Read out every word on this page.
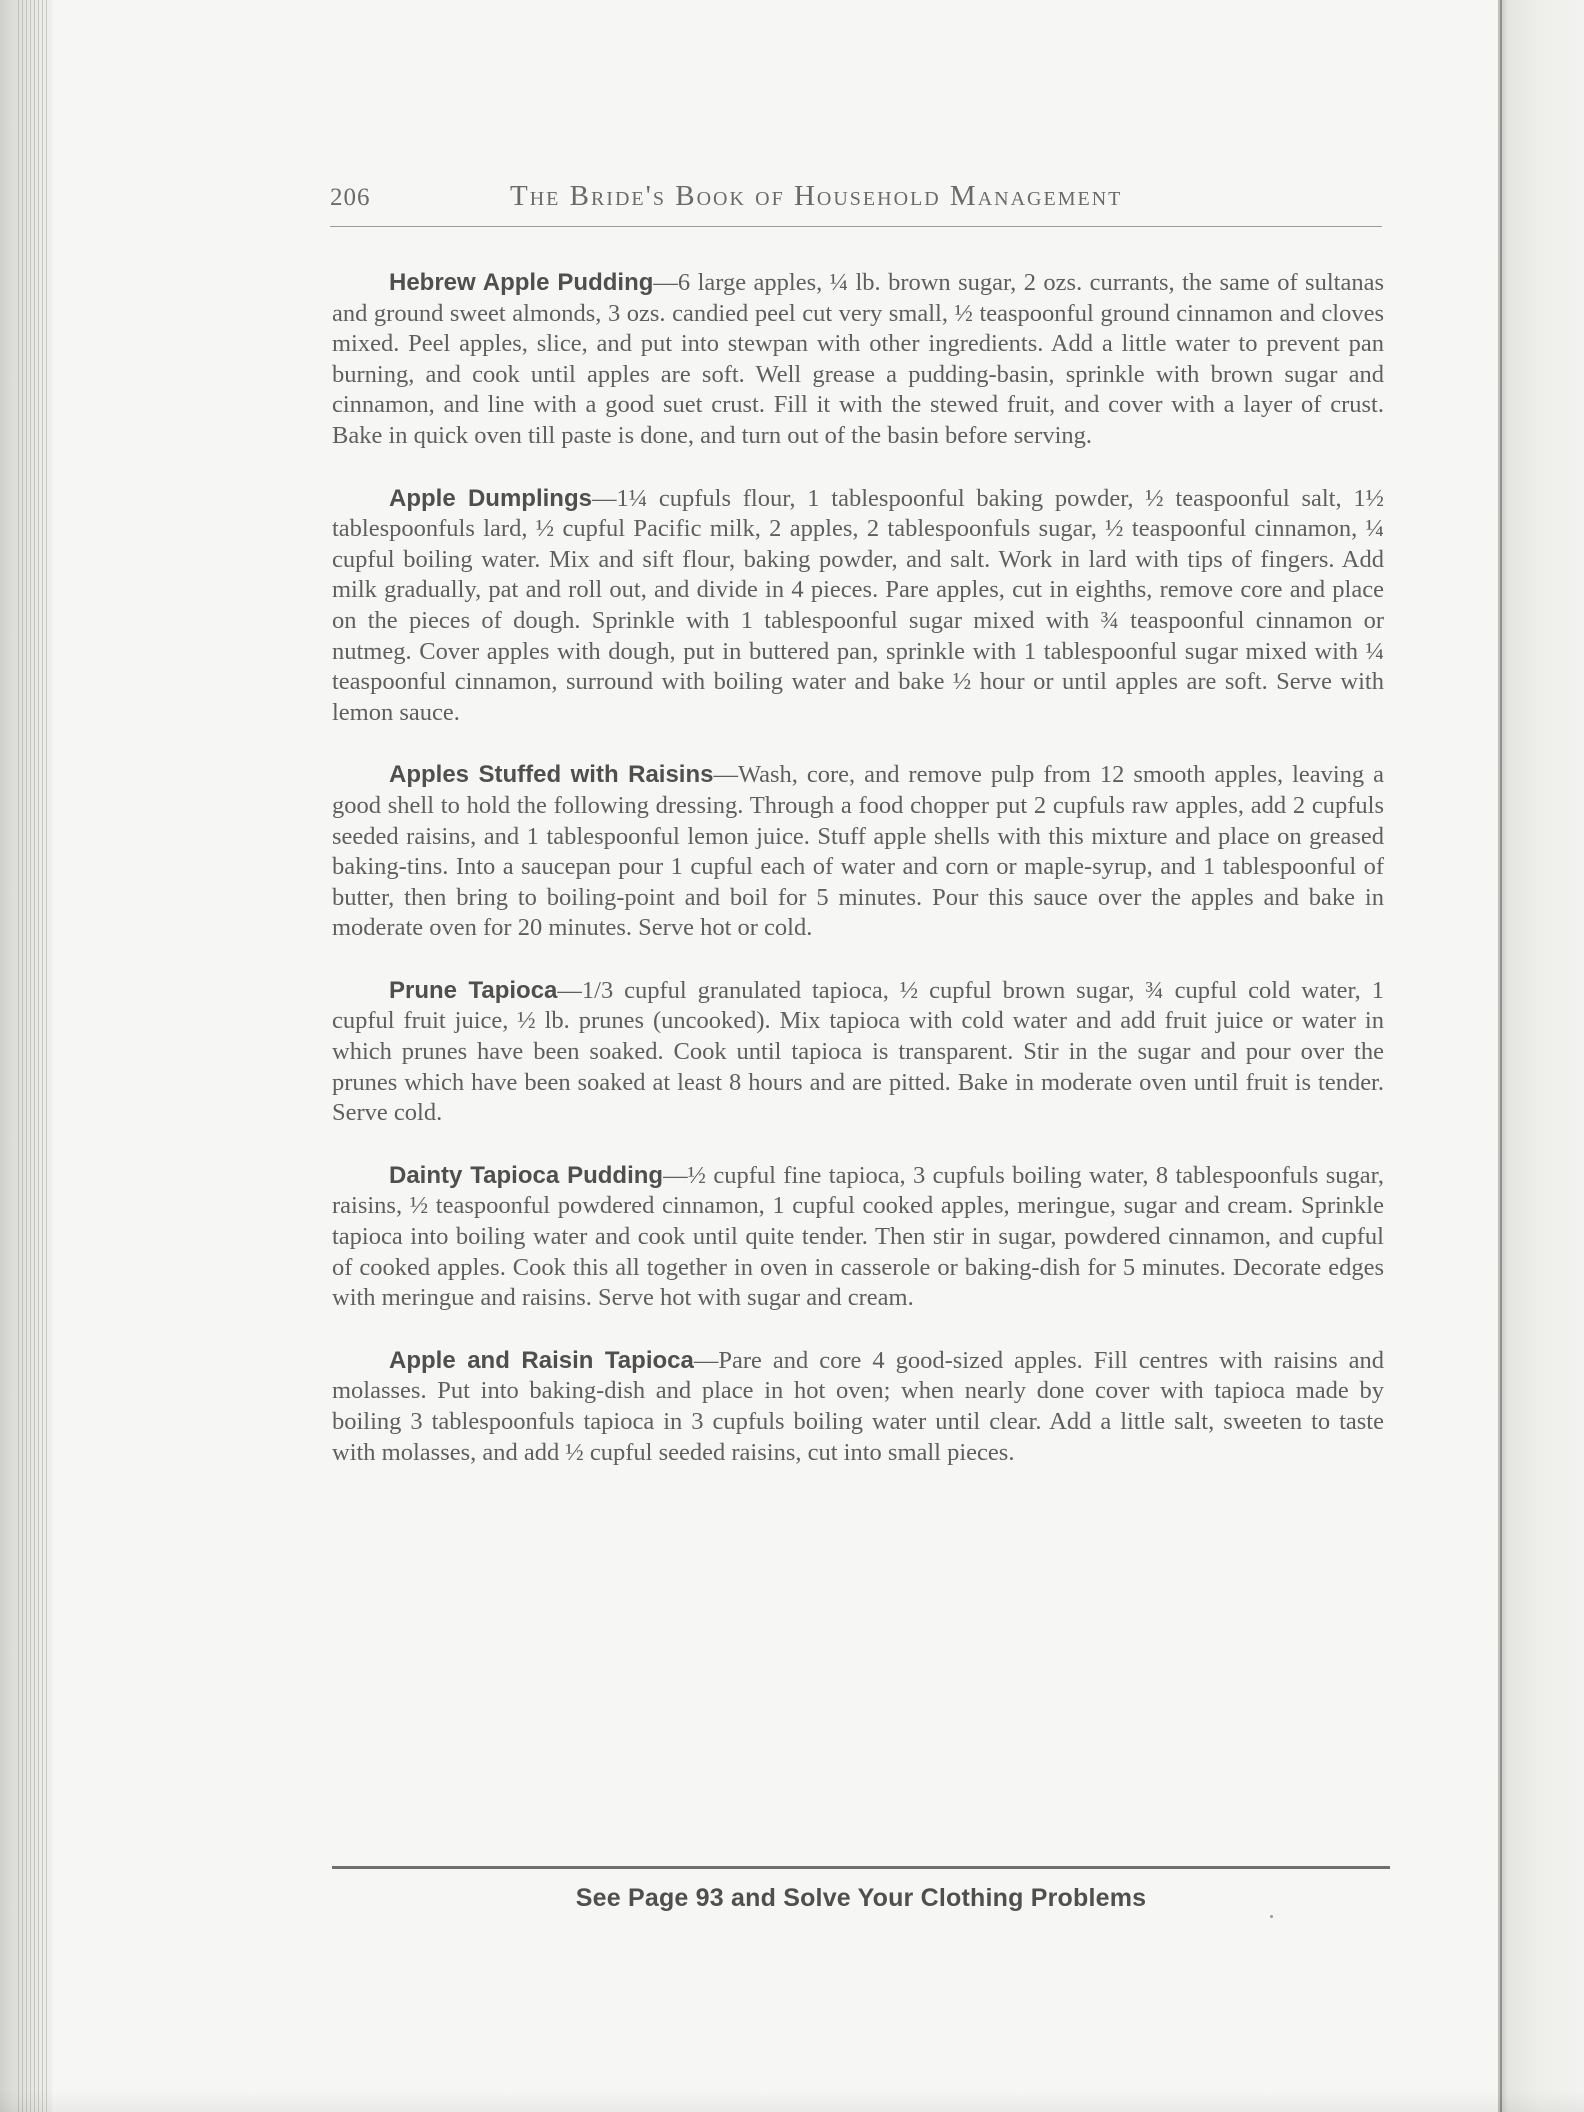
206	The Bride's Book of Household Management

Hebrew Apple Pudding—6 large apples, ¼ lb. brown sugar, 2 ozs. currants, the same of sultanas and ground sweet almonds, 3 ozs. candied peel cut very small, ½ teaspoonful ground cinnamon and cloves mixed. Peel apples, slice, and put into stewpan with other ingredients. Add a little water to prevent pan burning, and cook until apples are soft. Well grease a pudding-basin, sprinkle with brown sugar and cinnamon, and line with a good suet crust. Fill it with the stewed fruit, and cover with a layer of crust. Bake in quick oven till paste is done, and turn out of the basin before serving.

Apple Dumplings—1¼ cupfuls flour, 1 tablespoonful baking powder, ½ teaspoonful salt, 1½ tablespoonfuls lard, ½ cupful Pacific milk, 2 apples, 2 tablespoonfuls sugar, ½ teaspoonful cinnamon, ¼ cupful boiling water. Mix and sift flour, baking powder, and salt. Work in lard with tips of fingers. Add milk gradually, pat and roll out, and divide in 4 pieces. Pare apples, cut in eighths, remove core and place on the pieces of dough. Sprinkle with 1 tablespoonful sugar mixed with ¾ teaspoonful cinnamon or nutmeg. Cover apples with dough, put in buttered pan, sprinkle with 1 tablespoonful sugar mixed with ¼ teaspoonful cinnamon, surround with boiling water and bake ½ hour or until apples are soft. Serve with lemon sauce.

Apples Stuffed with Raisins—Wash, core, and remove pulp from 12 smooth apples, leaving a good shell to hold the following dressing. Through a food chopper put 2 cupfuls raw apples, add 2 cupfuls seeded raisins, and 1 tablespoonful lemon juice. Stuff apple shells with this mixture and place on greased baking-tins. Into a saucepan pour 1 cupful each of water and corn or maple-syrup, and 1 tablespoonful of butter, then bring to boiling-point and boil for 5 minutes. Pour this sauce over the apples and bake in moderate oven for 20 minutes. Serve hot or cold.

Prune Tapioca—1/3 cupful granulated tapioca, ½ cupful brown sugar, ¾ cupful cold water, 1 cupful fruit juice, ½ lb. prunes (uncooked). Mix tapioca with cold water and add fruit juice or water in which prunes have been soaked. Cook until tapioca is transparent. Stir in the sugar and pour over the prunes which have been soaked at least 8 hours and are pitted. Bake in moderate oven until fruit is tender. Serve cold.

Dainty Tapioca Pudding—½ cupful fine tapioca, 3 cupfuls boiling water, 8 tablespoonfuls sugar, raisins, ½ teaspoonful powdered cinnamon, 1 cupful cooked apples, meringue, sugar and cream. Sprinkle tapioca into boiling water and cook until quite tender. Then stir in sugar, powdered cinnamon, and cupful of cooked apples. Cook this all together in oven in casserole or baking-dish for 5 minutes. Decorate edges with meringue and raisins. Serve hot with sugar and cream.

Apple and Raisin Tapioca—Pare and core 4 good-sized apples. Fill centres with raisins and molasses. Put into baking-dish and place in hot oven; when nearly done cover with tapioca made by boiling 3 tablespoonfuls tapioca in 3 cupfuls boiling water until clear. Add a little salt, sweeten to taste with molasses, and add ½ cupful seeded raisins, cut into small pieces.

See Page 93 and Solve Your Clothing Problems
